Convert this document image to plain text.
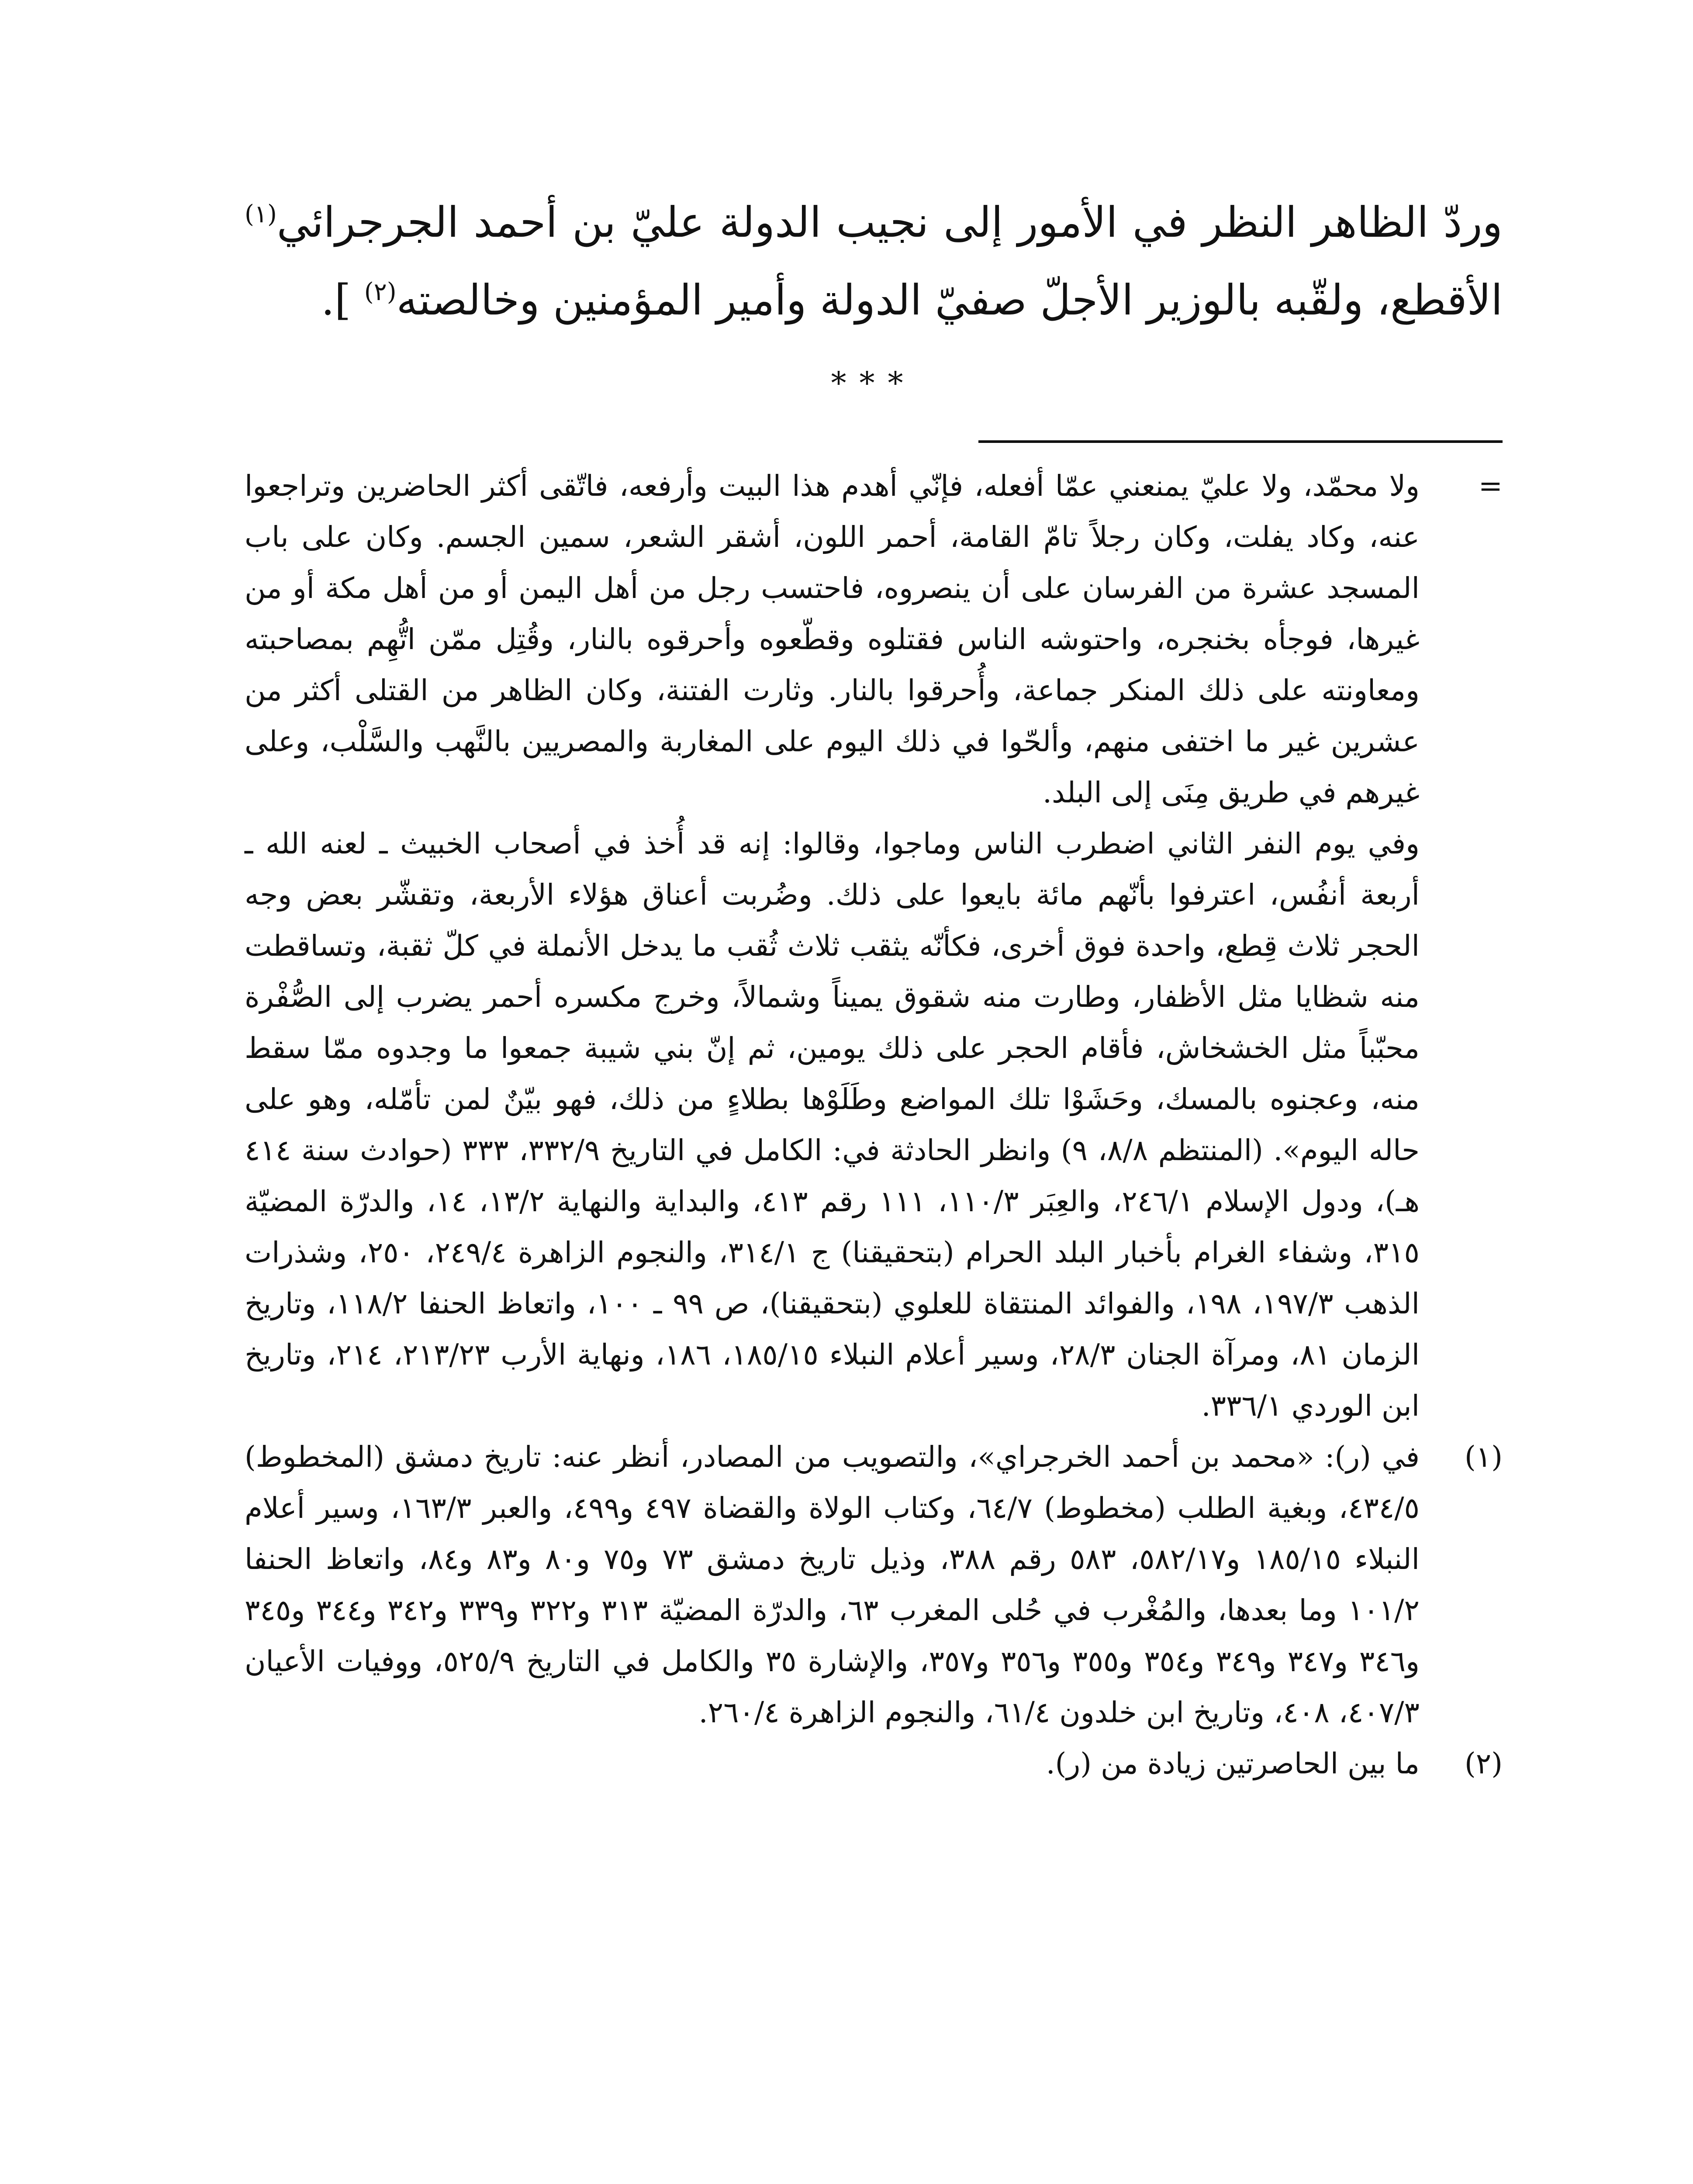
وردّ الظاهر النظر في الأمور إلى نجيب الدولة عليّ بن أحمد الجرجرائي$^{(١)}$ الأقطع، ولقّبه بالوزير الأجلّ صفيّ الدولة وأمير المؤمنين وخالصته$^{(٢)}$ ].

***
=

ولا محمّد، ولا عليّ يمنعني عمّا أفعله، فإنّي أهدم هذا البيت وأرفعه، فاتّقى أكثر الحاضرين وتراجعوا عنه، وكاد يفلت، وكان رجلاً تامّ القامة، أحمر اللون، أشقر الشعر، سمين الجسم. وكان على باب المسجد عشرة من الفرسان على أن ينصروه، فاحتسب رجل من أهل اليمن أو من أهل مكة أو من غيرها، فوجأه بخنجره، واحتوشه الناس فقتلوه وقطّعوه وأحرقوه بالنار، وقُتِل ممّن اتُّهِم بمصاحبته ومعاونته على ذلك المنكر جماعة، وأُحرقوا بالنار. وثارت الفتنة، وكان الظاهر من القتلى أكثر من عشرين غير ما اختفى منهم، وألحّوا في ذلك اليوم على المغاربة والمصريين بالنَّهب والسَّلْب، وعلى غيرهم في طريق مِنَى إلى البلد.

وفي يوم النفر الثاني اضطرب الناس وماجوا، وقالوا: إنه قد أُخذ في أصحاب الخبيث ـ لعنه الله ـ أربعة أنفُس، اعترفوا بأنّهم مائة بايعوا على ذلك. وضُربت أعناق هؤلاء الأربعة، وتقشّر بعض وجه الحجر ثلاث قِطع، واحدة فوق أخرى، فكأنّه يثقب ثلاث ثُقب ما يدخل الأنملة في كلّ ثقبة، وتساقطت منه شظايا مثل الأظفار، وطارت منه شقوق يميناً وشمالاً، وخرج مكسره أحمر يضرب إلى الصُّفْرة محبّباً مثل الخشخاش، فأقام الحجر على ذلك يومين، ثم إنّ بني شيبة جمعوا ما وجدوه ممّا سقط منه، وعجنوه بالمسك، وحَشَوْا تلك المواضع وطَلَوْها بطلاءٍ من ذلك، فهو بيّنٌ لمن تأمّله، وهو على حاله اليوم». (المنتظم ٨/٨، ٩) وانظر الحادثة في: الكامل في التاريخ ٣٣٢/٩، ٣٣٣ (حوادث سنة ٤١٤ هـ)، ودول الإسلام ٢٤٦/١، والعِبَر ١١٠/٣، ١١١ رقم ٤١٣، والبداية والنهاية ١٣/٢، ١٤، والدرّة المضيّة ٣١٥، وشفاء الغرام بأخبار البلد الحرام (بتحقيقنا) ج ٣١٤/١، والنجوم الزاهرة ٢٤٩/٤، ٢٥٠، وشذرات الذهب ١٩٧/٣، ١٩٨، والفوائد المنتقاة للعلوي (بتحقيقنا)، ص ٩٩ ـ ١٠٠، واتعاظ الحنفا ١١٨/٢، وتاريخ الزمان ٨١، ومرآة الجنان ٢٨/٣، وسير أعلام النبلاء ١٨٥/١٥، ١٨٦، ونهاية الأرب ٢١٣/٢٣، ٢١٤، وتاريخ ابن الوردي ٣٣٦/١.

(١)

في (ر): «محمد بن أحمد الخرجراي»، والتصويب من المصادر، أنظر عنه: تاريخ دمشق (المخطوط) ٤٣٤/٥، وبغية الطلب (مخطوط) ٦٤/٧، وكتاب الولاة والقضاة ٤٩٧ و٤٩٩، والعبر ١٦٣/٣، وسير أعلام النبلاء ١٨٥/١٥ و٥٨٢/١٧، ٥٨٣ رقم ٣٨٨، وذيل تاريخ دمشق ٧٣ و٧٥ و٨٠ و٨٣ و٨٤، واتعاظ الحنفا ١٠١/٢ وما بعدها، والمُغْرب في حُلى المغرب ٦٣، والدرّة المضيّة ٣١٣ و٣٢٢ و٣٣٩ و٣٤٢ و٣٤٤ و٣٤٥ و٣٤٦ و٣٤٧ و٣٤٩ و٣٥٤ و٣٥٥ و٣٥٦ و٣٥٧، والإشارة ٣٥ والكامل في التاريخ ٥٢٥/٩، ووفيات الأعيان ٤٠٧/٣، ٤٠٨، وتاريخ ابن خلدون ٦١/٤، والنجوم الزاهرة ٢٦٠/٤.

(٢)

ما بين الحاصرتين زيادة من (ر).
